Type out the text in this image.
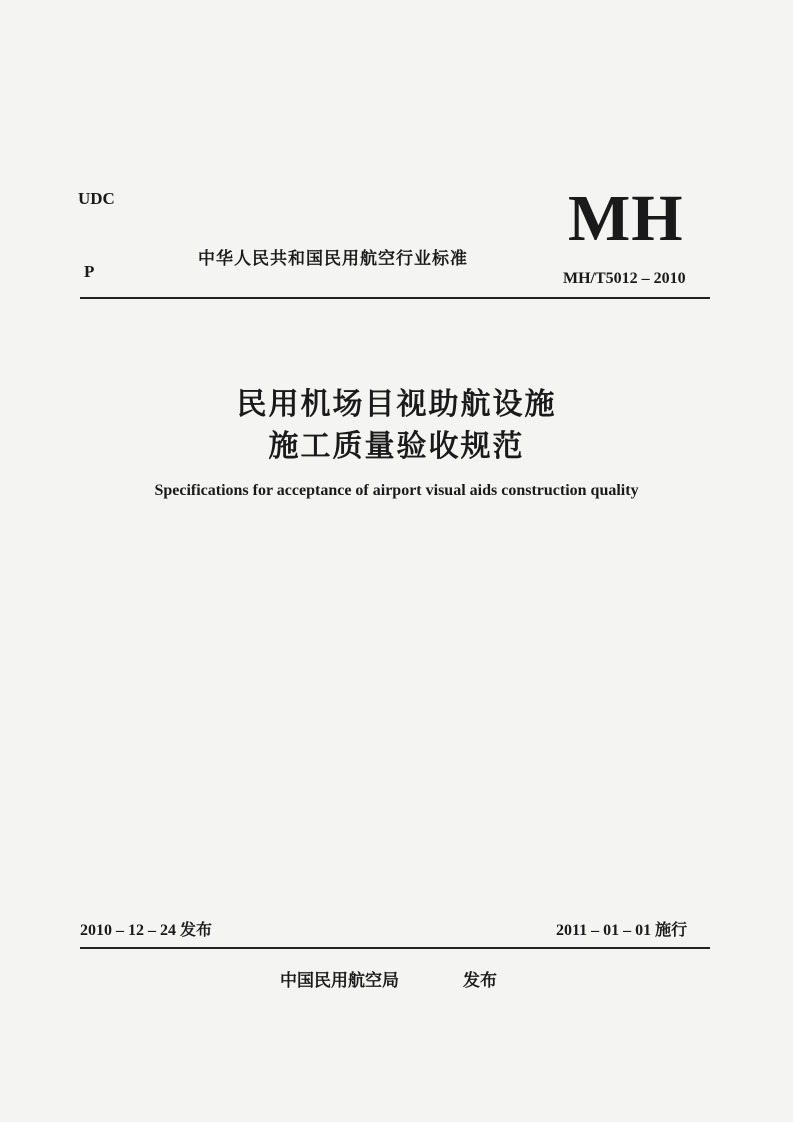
UDC
P
中华人民共和国民用航空行业标准
MH
MH/T5012 – 2010
民用机场目视助航设施
施工质量验收规范
Specifications for acceptance of airport visual aids construction quality
2010 – 12 – 24 发布	2011 – 01 – 01 施行
中国民用航空局	发布
